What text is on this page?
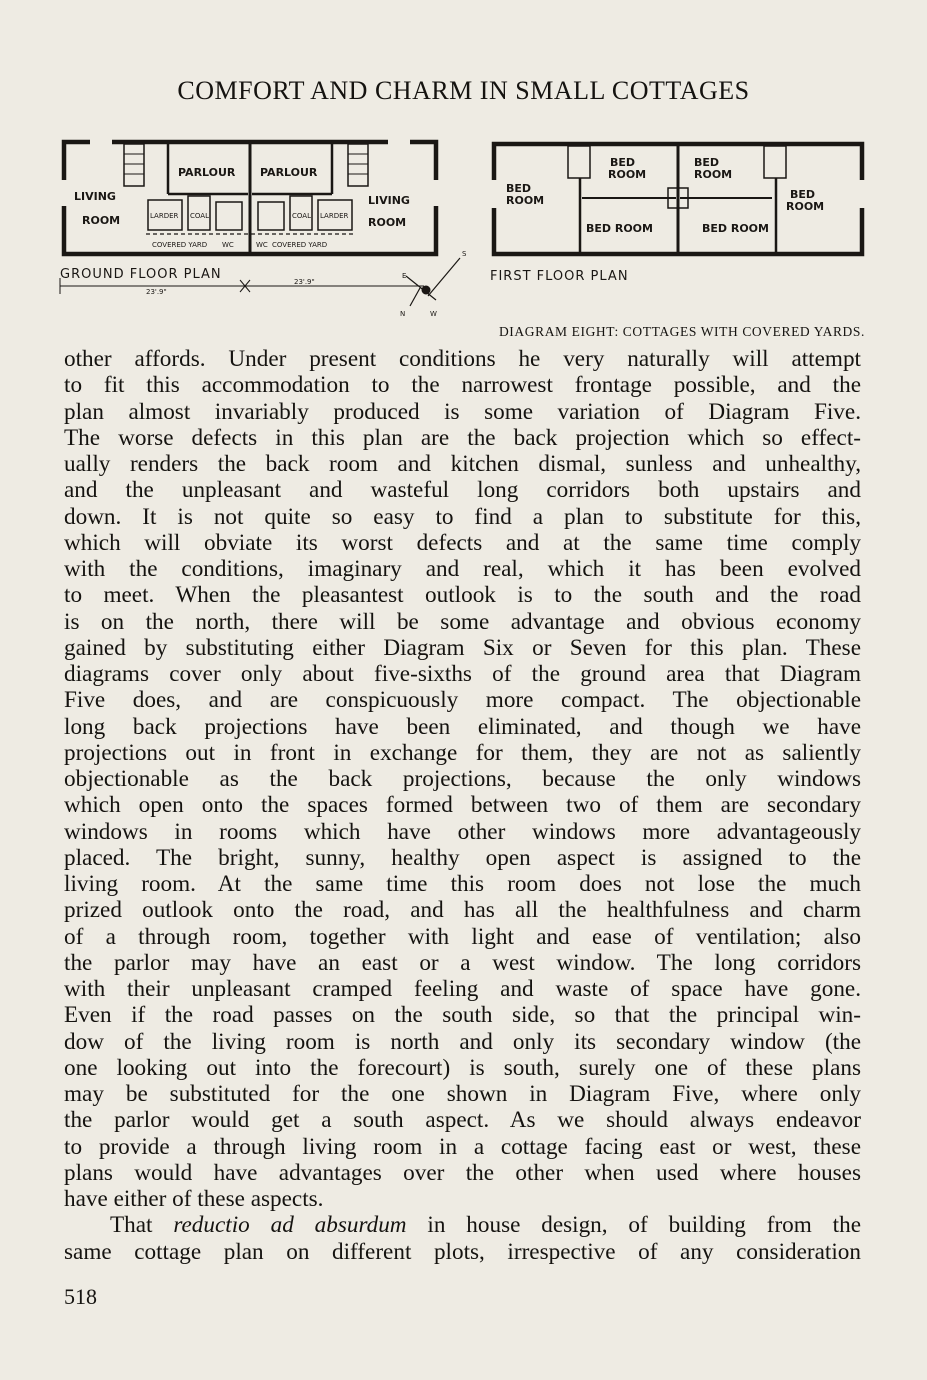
COMFORT AND CHARM IN SMALL COTTAGES
PARLOUR PARLOUR
LIVING
ROOM
LIVING
ROOM
LARDER	LARDER
COAL	COAL
COVERED YARD WC	WC COVERED YARD
GROUND FLOOR PLAN
23'.9"
23'.9"
S
N	W
E
BED
ROOM
BED
ROOM
BED
ROOM
BED
ROOM
BED ROOM	BED ROOM
FIRST FLOOR PLAN
DIAGRAM EIGHT: COTTAGES WITH COVERED YARDS.
other affords. Under present conditions he very naturally will attempt
to fit this accommodation to the narrowest frontage possible, and the
plan almost invariably produced is some variation of Diagram Five.
The worse defects in this plan are the back projection which so effect-
ually renders the back room and kitchen dismal, sunless and unhealthy,
and the unpleasant and wasteful long corridors both upstairs and
down. It is not quite so easy to find a plan to substitute for this,
which will obviate its worst defects and at the same time comply
with the conditions, imaginary and real, which it has been evolved
to meet. When the pleasantest outlook is to the south and the road
is on the north, there will be some advantage and obvious economy
gained by substituting either Diagram Six or Seven for this plan. These
diagrams cover only about five-sixths of the ground area that Diagram
Five does, and are conspicuously more compact. The objectionable
long back projections have been eliminated, and though we have
projections out in front in exchange for them, they are not as saliently
objectionable as the back projections, because the only windows
which open onto the spaces formed between two of them are secondary
windows in rooms which have other windows more advantageously
placed. The bright, sunny, healthy open aspect is assigned to the
living room. At the same time this room does not lose the much
prized outlook onto the road, and has all the healthfulness and charm
of a through room, together with light and ease of ventilation; also
the parlor may have an east or a west window. The long corridors
with their unpleasant cramped feeling and waste of space have gone.
Even if the road passes on the south side, so that the principal win-
dow of the living room is north and only its secondary window (the
one looking out into the forecourt) is south, surely one of these plans
may be substituted for the one shown in Diagram Five, where only
the parlor would get a south aspect. As we should always endeavor
to provide a through living room in a cottage facing east or west, these
plans would have advantages over the other when used where houses
have either of these aspects.
That reductio ad absurdum in house design, of building from the
same cottage plan on different plots, irrespective of any consideration
518
